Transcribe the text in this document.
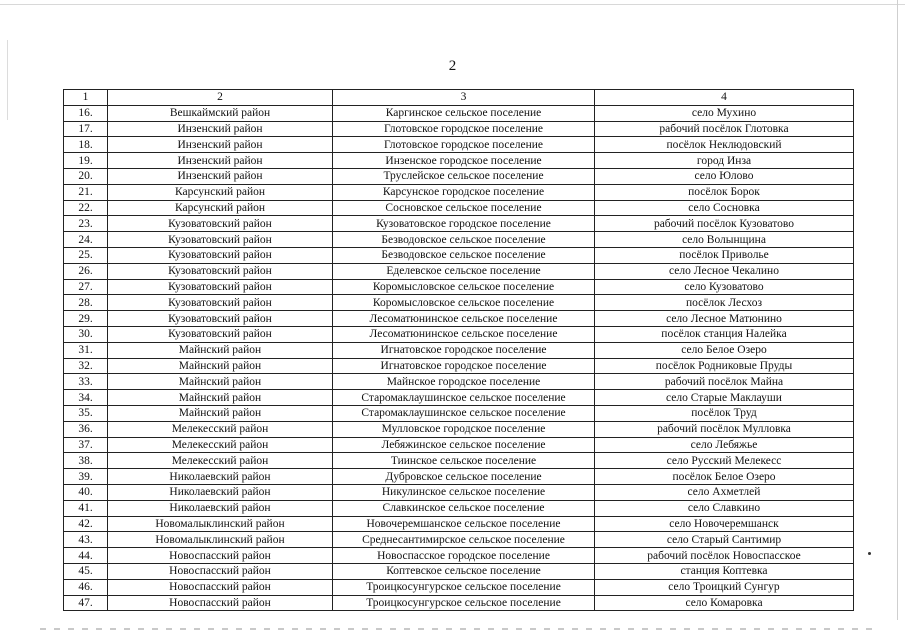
2
1	2	3	4
16.	Вешкаймский район	Каргинское сельское поселение	село Мухино
17.	Инзенский район	Глотовское городское поселение	рабочий посёлок Глотовка
18.	Инзенский район	Глотовское городское поселение	посёлок Неклюдовский
19.	Инзенский район	Инзенское городское поселение	город Инза
20.	Инзенский район	Труслейское сельское поселение	село Юлово
21.	Карсунский район	Карсунское городское поселение	посёлок Борок
22.	Карсунский район	Сосновское сельское поселение	село Сосновка
23.	Кузоватовский район	Кузоватовское городское поселение	рабочий посёлок Кузоватово
24.	Кузоватовский район	Безводовское сельское поселение	село Волынщина
25.	Кузоватовский район	Безводовское сельское поселение	посёлок Приволье
26.	Кузоватовский район	Еделевское сельское поселение	село Лесное Чекалино
27.	Кузоватовский район	Коромысловское сельское поселение	село Кузоватово
28.	Кузоватовский район	Коромысловское сельское поселение	посёлок Лесхоз
29.	Кузоватовский район	Лесоматюнинское сельское поселение	село Лесное Матюнино
30.	Кузоватовский район	Лесоматюнинское сельское поселение	посёлок станция Налейка
31.	Майнский район	Игнатовское городское поселение	село Белое Озеро
32.	Майнский район	Игнатовское городское поселение	посёлок Родниковые Пруды
33.	Майнский район	Майнское городское поселение	рабочий посёлок Майна
34.	Майнский район	Старомаклаушинское сельское поселение	село Старые Маклауши
35.	Майнский район	Старомаклаушинское сельское поселение	посёлок Труд
36.	Мелекесский район	Мулловское городское поселение	рабочий посёлок Мулловка
37.	Мелекесский район	Лебяжинское сельское поселение	село Лебяжье
38.	Мелекесский район	Тиинское сельское поселение	село Русский Мелекесс
39.	Николаевский район	Дубровское сельское поселение	посёлок Белое Озеро
40.	Николаевский район	Никулинское сельское поселение	село Ахметлей
41.	Николаевский район	Славкинское сельское поселение	село Славкино
42.	Новомалыклинский район	Новочеремшанское сельское поселение	село Новочеремшанск
43.	Новомалыклинский район	Среднесантимирское сельское поселение	село Старый Сантимир
44.	Новоспасский район	Новоспасское городское поселение	рабочий посёлок Новоспасское
45.	Новоспасский район	Коптевское сельское поселение	станция Коптевка
46.	Новоспасский район	Троицкосунгурское сельское поселение	село Троицкий Сунгур
47.	Новоспасский район	Троицкосунгурское сельское поселение	село Комаровка
